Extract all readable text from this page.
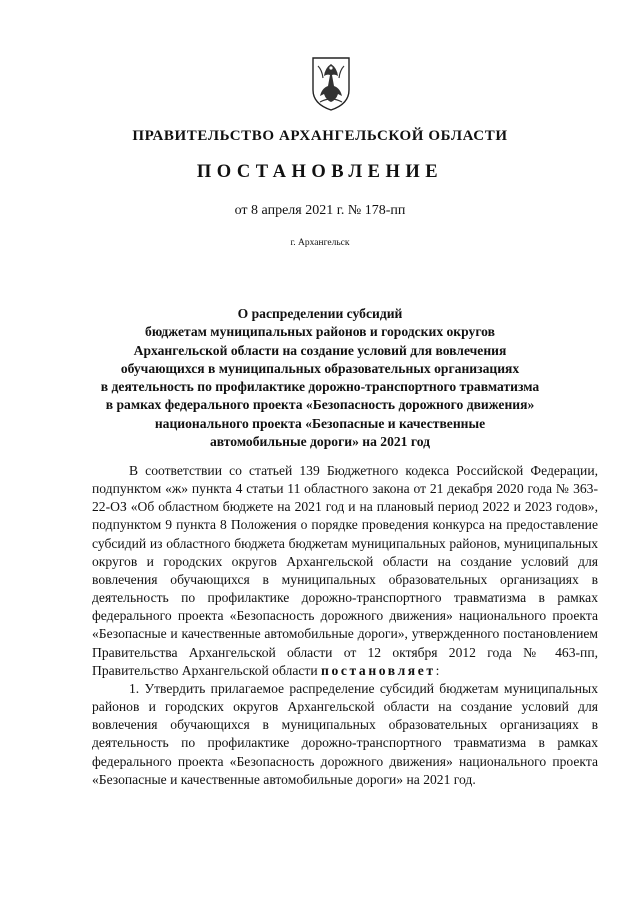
ПРАВИТЕЛЬСТВО АРХАНГЕЛЬСКОЙ ОБЛАСТИ
ПОСТАНОВЛЕНИЕ
от 8 апреля 2021 г. № 178-пп
г. Архангельск
О распределении субсидий
бюджетам муниципальных районов и городских округов
Архангельской области на создание условий для вовлечения
обучающихся в муниципальных образовательных организациях
в деятельность по профилактике дорожно-транспортного травматизма
в рамках федерального проекта «Безопасность дорожного движения»
национального проекта «Безопасные и качественные
автомобильные дороги» на 2021 год

В соответствии со статьей 139 Бюджетного кодекса Российской Федерации, подпунктом «ж» пункта 4 статьи 11 областного закона от 21 декабря 2020 года № 363-22-ОЗ «Об областном бюджете на 2021 год и на плановый период 2022 и 2023 годов», подпунктом 9 пункта 8 Положения о порядке проведения конкурса на предоставление субсидий из областного бюджета бюджетам муниципальных районов, муниципальных округов и городских округов Архангельской области на создание условий для вовлечения обучающихся в муниципальных образовательных организациях в деятельность по профилактике дорожно-транспортного травматизма в рамках федерального проекта «Безопасность дорожного движения» национального проекта «Безопасные и качественные автомобильные дороги», утвержденного постановлением Правительства Архангельской области от 12 октября 2012 года № 463-пп, Правительство Архангельской области постановляет:

1. Утвердить прилагаемое распределение субсидий бюджетам муниципальных районов и городских округов Архангельской области на создание условий для вовлечения обучающихся в муниципальных образовательных организациях в деятельность по профилактике дорожно-транспортного травматизма в рамках федерального проекта «Безопасность дорожного движения» национального проекта «Безопасные и качественные автомобильные дороги» на 2021 год.
